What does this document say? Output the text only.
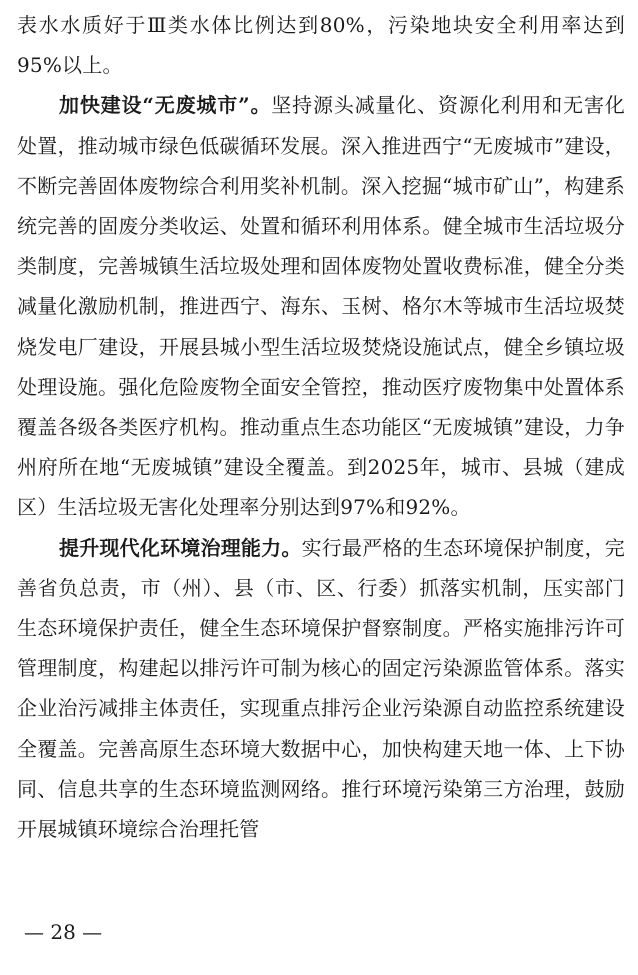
表水水质好于Ⅲ类水体比例达到80%，污染地块安全利用率达到95%以上。

加快建设“无废城市”。坚持源头减量化、资源化利用和无害化处置，推动城市绿色低碳循环发展。深入推进西宁“无废城市”建设，不断完善固体废物综合利用奖补机制。深入挖掘“城市矿山”，构建系统完善的固废分类收运、处置和循环利用体系。健全城市生活垃圾分类制度，完善城镇生活垃圾处理和固体废物处置收费标准，健全分类减量化激励机制，推进西宁、海东、玉树、格尔木等城市生活垃圾焚烧发电厂建设，开展县城小型生活垃圾焚烧设施试点，健全乡镇垃圾处理设施。强化危险废物全面安全管控，推动医疗废物集中处置体系覆盖各级各类医疗机构。推动重点生态功能区“无废城镇”建设，力争州府所在地“无废城镇”建设全覆盖。到2025年，城市、县城（建成区）生活垃圾无害化处理率分别达到97%和92%。

提升现代化环境治理能力。实行最严格的生态环境保护制度，完善省负总责，市（州）、县（市、区、行委）抓落实机制，压实部门生态环境保护责任，健全生态环境保护督察制度。严格实施排污许可管理制度，构建起以排污许可制为核心的固定污染源监管体系。落实企业治污减排主体责任，实现重点排污企业污染源自动监控系统建设全覆盖。完善高原生态环境大数据中心，加快构建天地一体、上下协同、信息共享的生态环境监测网络。推行环境污染第三方治理，鼓励开展城镇环境综合治理托管

— 28 —
